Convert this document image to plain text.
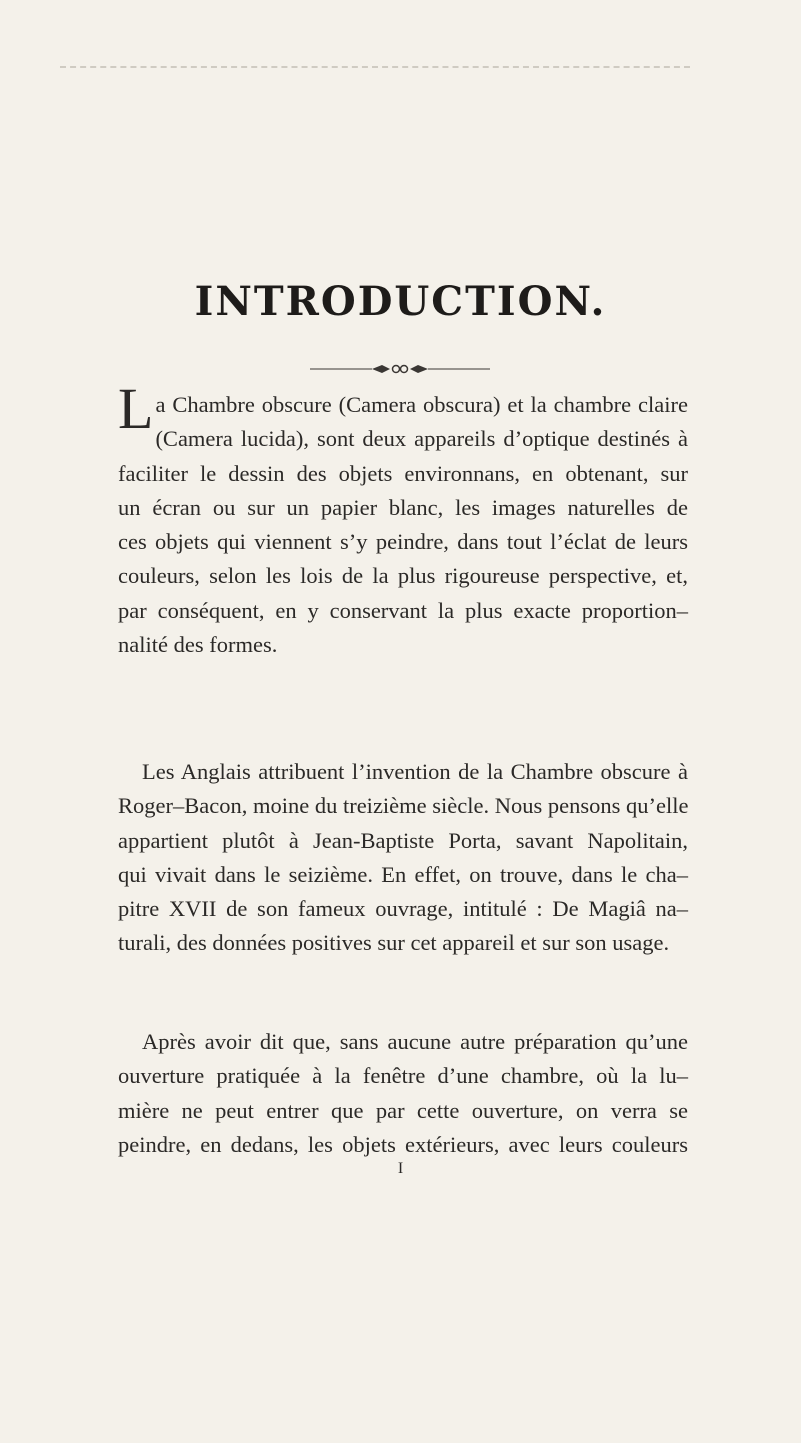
INTRODUCTION.
L a Chambre obscure (Camera obscura) et la chambre claire
(Camera lucida), sont deux appareils d’optique destinés à
faciliter le dessin des objets environnans, en obtenant, sur
un écran ou sur un papier blanc, les images naturelles de
ces objets qui viennent s’y peindre, dans tout l’éclat de leurs
couleurs, selon les lois de la plus rigoureuse perspective, et,
par conséquent, en y conservant la plus exacte proportion–
nalité des formes.
Les Anglais attribuent l’invention de la Chambre obscure à
Roger–Bacon, moine du treizième siècle. Nous pensons qu’elle
appartient plutôt à Jean-Baptiste Porta, savant Napolitain,
qui vivait dans le seizième. En effet, on trouve, dans le cha–
pitre XVII de son fameux ouvrage, intitulé : De Magiâ na–
turali, des données positives sur cet appareil et sur son usage.
Après avoir dit que, sans aucune autre préparation qu’une
ouverture pratiquée à la fenêtre d’une chambre, où la lu–
mière ne peut entrer que par cette ouverture, on verra se
peindre, en dedans, les objets extérieurs, avec leurs couleurs
I
